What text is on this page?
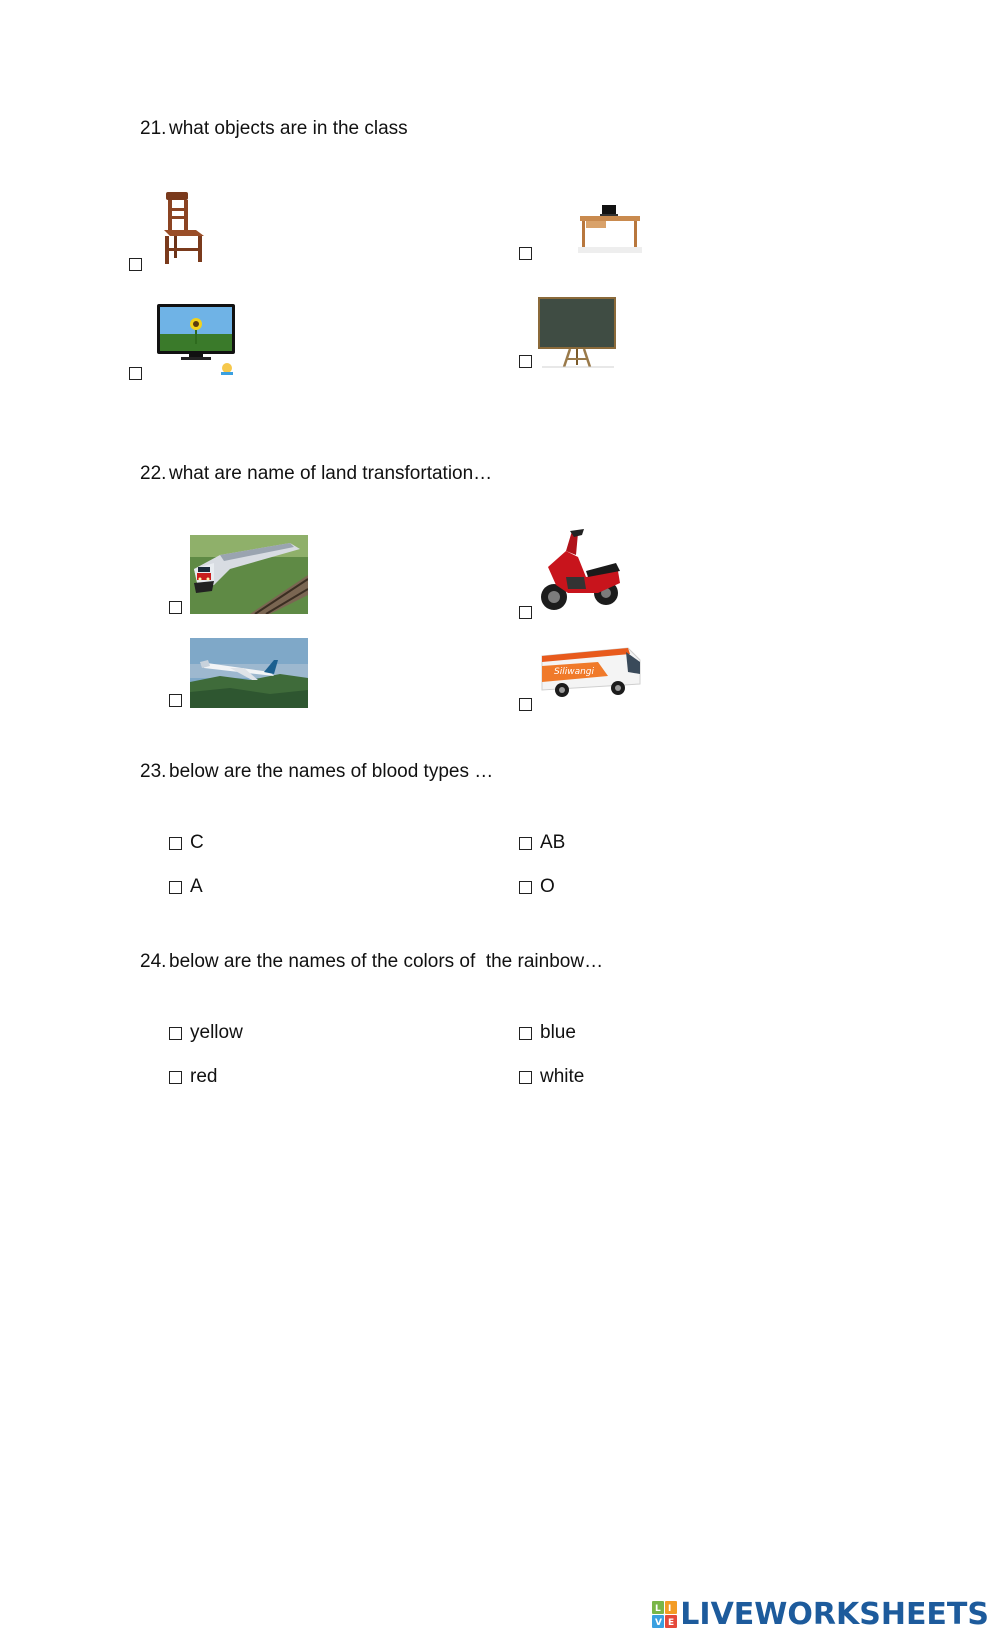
21. what objects are in the class
22. what are name of land transfortation…
Siliwangi
23. below are the names of blood types …
C	AB
A	O
24. below are the names of the colors of  the rainbow…
yellow	blue
red	white
L I
V E LIVEWORKSHEETS
